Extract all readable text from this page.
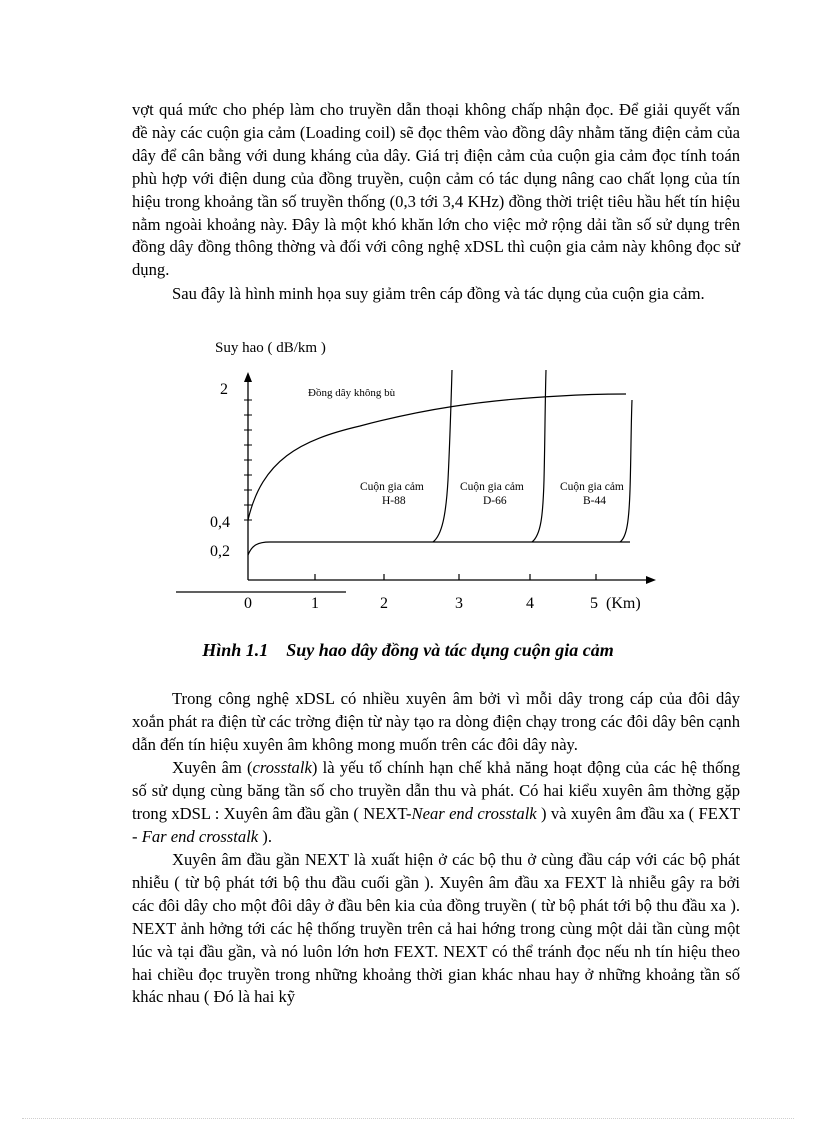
vợt quá mức cho phép làm cho truyền dẫn thoại không chấp nhận đọc. Để giải quyết vấn đề này các cuộn gia cảm (Loading coil) sẽ đọc thêm vào đồng dây nhằm tăng điện cảm của dây để cân bằng với dung kháng của dây. Giá trị điện cảm của cuộn gia cảm đọc tính toán phù hợp với điện dung của đồng truyền, cuộn cảm có tác dụng nâng cao chất lọng của tín hiệu trong khoảng tần số truyền thống (0,3 tới 3,4 KHz) đồng thời triệt tiêu hầu hết tín hiệu nằm ngoài khoảng này. Đây là một khó khăn lớn cho việc mở rộng dải tần số sử dụng trên đồng dây đồng thông thờng và đối với công nghệ xDSL thì cuộn gia cảm này không đọc sử dụng.

Sau đây là hình minh họa suy giảm trên cáp đồng và tác dụng của cuộn gia cảm.

Suy hao ( dB/km )
2
0,4
0,2
0	1	2	3	4	5 (Km)
Đồng dây không bù
Cuộn gia cảm
H-88
Cuộn gia cảm
D-66
Cuộn gia cảm
B-44

Hình 1.1 Suy hao dây đồng và tác dụng cuộn gia cảm

Trong công nghệ xDSL có nhiều xuyên âm bởi vì mỗi dây trong cáp của đôi dây xoắn phát ra điện từ các trờng điện từ này tạo ra dòng điện chạy trong các đôi dây bên cạnh dẫn đến tín hiệu xuyên âm không mong muốn trên các đôi dây này.

Xuyên âm (crosstalk) là yếu tố chính hạn chế khả năng hoạt động của các hệ thống số sử dụng cùng băng tần số cho truyền dẫn thu và phát. Có hai kiểu xuyên âm thờng gặp trong xDSL : Xuyên âm đầu gần ( NEXT-Near end crosstalk ) và xuyên âm đầu xa ( FEXT - Far end crosstalk ).

Xuyên âm đầu gần NEXT là xuất hiện ở các bộ thu ở cùng đầu cáp với các bộ phát nhiễu ( từ bộ phát tới bộ thu đầu cuối gần ). Xuyên âm đầu xa FEXT là nhiễu gây ra bởi các đôi dây cho một đôi dây ở đầu bên kia của đồng truyền ( từ bộ phát tới bộ thu đầu xa ). NEXT ảnh hởng tới các hệ thống truyền trên cả hai hớng trong cùng một dải tần cùng một lúc và tại đầu gần, và nó luôn lớn hơn FEXT. NEXT có thể tránh đọc nếu nh tín hiệu theo hai chiều đọc truyền trong những khoảng thời gian khác nhau hay ở những khoảng tần số khác nhau ( Đó là hai kỹ
